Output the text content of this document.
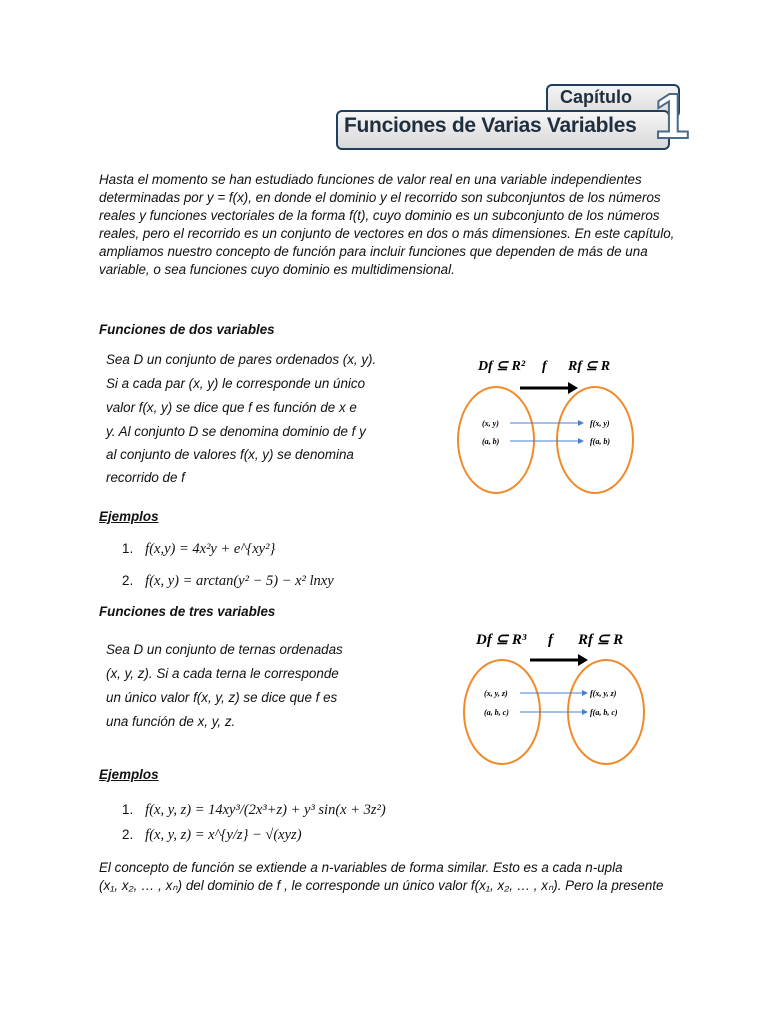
Capítulo
Funciones de Varias Variables 1
Hasta el momento se han estudiado funciones de valor real en una variable independientes
determinadas por y = f(x), en donde el dominio y el recorrido son subconjuntos de los números
reales y funciones vectoriales de la forma f(t), cuyo dominio es un subconjunto de los números
reales, pero el recorrido es un conjunto de vectores en dos o más dimensiones. En este capítulo,
ampliamos nuestro concepto de función para incluir funciones que dependen de más de una
variable, o sea funciones cuyo dominio es multidimensional.
Funciones de dos variables
Sea D un conjunto de pares ordenados (x, y).
Si a cada par (x, y) le corresponde un único
valor f(x, y) se dice que f es función de x e
y. Al conjunto D se denomina dominio de f y
al conjunto de valores f(x, y) se denomina
recorrido de f
Df ⊆ R² f Rf ⊆ R
(x, y)
(a, b)
f(x, y)
f(a, b)
Ejemplos
1. f(x,y) = 4x²y + e^{xy²}
2. f(x, y) = arctan(y² − 5) − x² lnxy
Funciones de tres variables
Sea D un conjunto de ternas ordenadas
(x, y, z). Si a cada terna le corresponde
un único valor f(x, y, z) se dice que f es
una función de x, y, z.
Df ⊆ R³ f Rf ⊆ R
(x, y, z)
(a, b, c)
f(x, y, z)
f(a, b, c)
Ejemplos
1. f(x, y, z) = 14xy³/(2x³+z) + y³ sin(x + 3z²)
2. f(x, y, z) = x^{y/z} − √(xyz)
El concepto de función se extiende a n-variables de forma similar. Esto es a cada n-upla
(x₁, x₂, … , xₙ) del dominio de f , le corresponde un único valor f(x₁, x₂, … , xₙ). Pero la presente
